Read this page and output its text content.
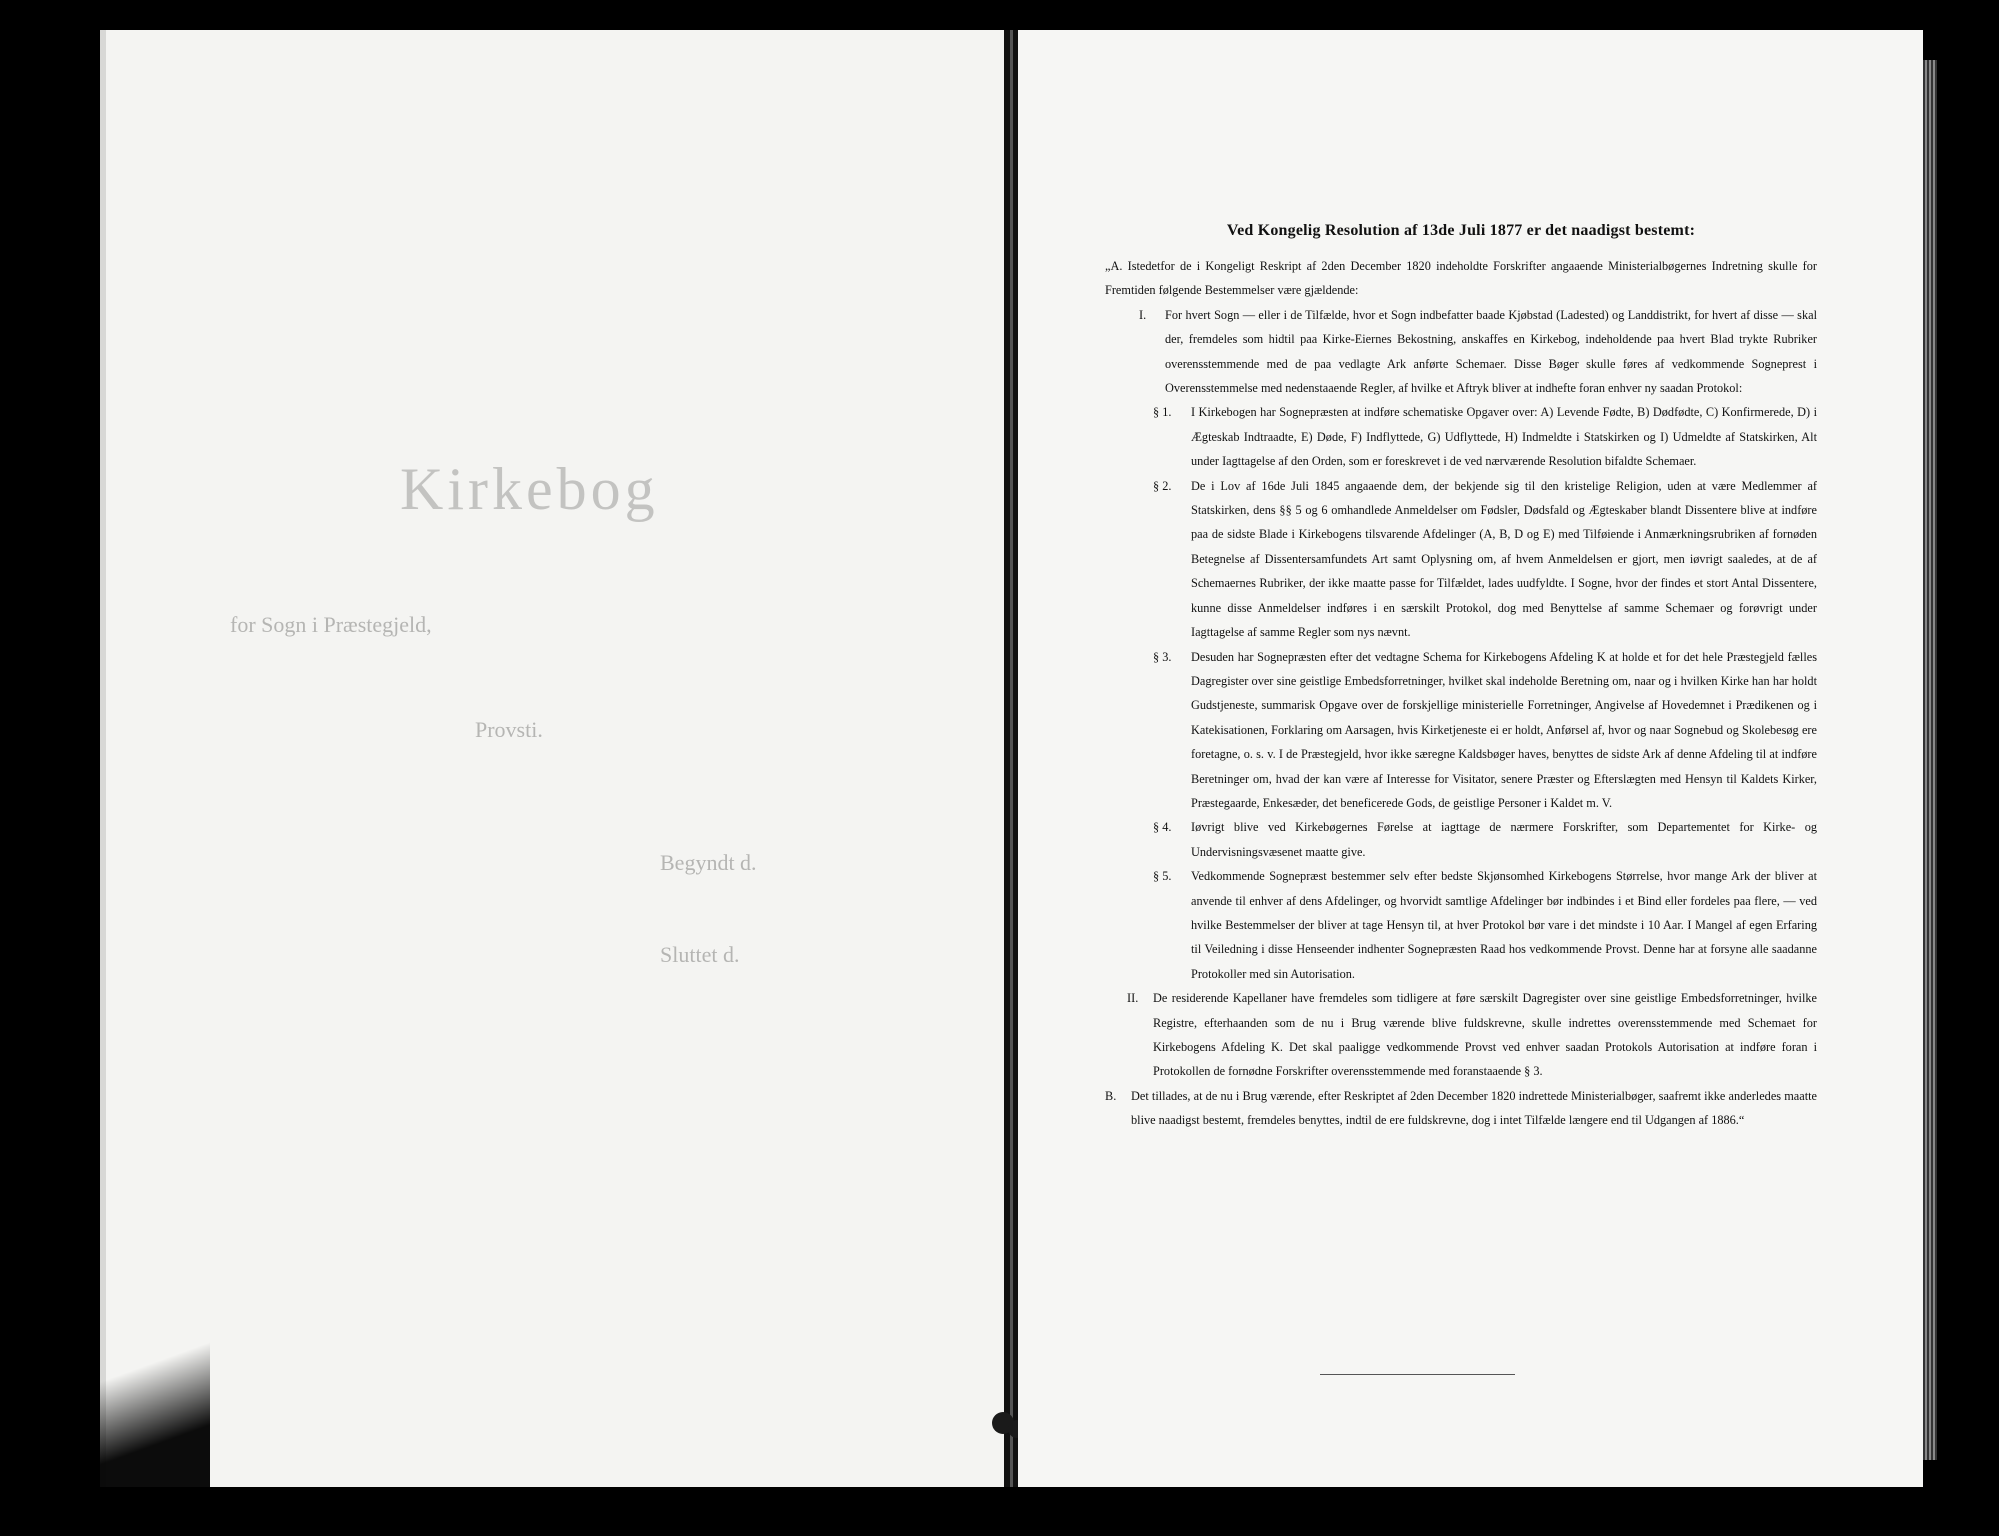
Kirkebog
for Sogn i Præstegjeld,
Provsti.
Begyndt d.
Sluttet d.
Ved Kongelig Resolution af 13de Juli 1877 er det naadigst bestemt:

„A. Istedetfor de i Kongeligt Reskript af 2den December 1820 indeholdte Forskrifter angaaende Ministerialbøgernes Indretning skulle for Fremtiden følgende Bestemmelser være gjældende:

I.	For hvert Sogn — eller i de Tilfælde, hvor et Sogn indbefatter baade Kjøbstad (Ladested) og Landdistrikt, for hvert af disse — skal der, fremdeles som hidtil paa Kirke-Eiernes Bekostning, anskaffes en Kirkebog, indeholdende paa hvert Blad trykte Rubriker overensstemmende med de paa vedlagte Ark anførte Schemaer. Disse Bøger skulle føres af vedkommende Sogneprest i Overensstemmelse med nedenstaaende Regler, af hvilke et Aftryk bliver at indhefte foran enhver ny saadan Protokol:

§ 1.	I Kirkebogen har Sognepræsten at indføre schematiske Opgaver over: A) Levende Fødte, B) Dødfødte, C) Konfirmerede, D) i Ægteskab Indtraadte, E) Døde, F) Indflyttede, G) Udflyttede, H) Indmeldte i Statskirken og I) Udmeldte af Statskirken, Alt under Iagttagelse af den Orden, som er foreskrevet i de ved nærværende Resolution bifaldte Schemaer.

§ 2.	De i Lov af 16de Juli 1845 angaaende dem, der bekjende sig til den kristelige Religion, uden at være Medlemmer af Statskirken, dens §§ 5 og 6 omhandlede Anmeldelser om Fødsler, Dødsfald og Ægteskaber blandt Dissentere blive at indføre paa de sidste Blade i Kirkebogens tilsvarende Afdelinger (A, B, D og E) med Tilføiende i Anmærkningsrubriken af fornøden Betegnelse af Dissentersamfundets Art samt Oplysning om, af hvem Anmeldelsen er gjort, men iøvrigt saaledes, at de af Schemaernes Rubriker, der ikke maatte passe for Tilfældet, lades uudfyldte. I Sogne, hvor der findes et stort Antal Dissentere, kunne disse Anmeldelser indføres i en særskilt Protokol, dog med Benyttelse af samme Schemaer og forøvrigt under Iagttagelse af samme Regler som nys nævnt.

§ 3.	Desuden har Sognepræsten efter det vedtagne Schema for Kirkebogens Afdeling K at holde et for det hele Præstegjeld fælles Dagregister over sine geistlige Embedsforretninger, hvilket skal indeholde Beretning om, naar og i hvilken Kirke han har holdt Gudstjeneste, summarisk Opgave over de forskjellige ministerielle Forretninger, Angivelse af Hovedemnet i Prædikenen og i Katekisationen, Forklaring om Aarsagen, hvis Kirketjeneste ei er holdt, Anførsel af, hvor og naar Sognebud og Skolebesøg ere foretagne, o. s. v. I de Præstegjeld, hvor ikke særegne Kaldsbøger haves, benyttes de sidste Ark af denne Afdeling til at indføre Beretninger om, hvad der kan være af Interesse for Visitator, senere Præster og Efterslægten med Hensyn til Kaldets Kirker, Præstegaarde, Enkesæder, det beneficerede Gods, de geistlige Personer i Kaldet m. V.

§ 4.	Iøvrigt blive ved Kirkebøgernes Førelse at iagttage de nærmere Forskrifter, som Departementet for Kirke- og Undervisningsvæsenet maatte give.

§ 5.	Vedkommende Sognepræst bestemmer selv efter bedste Skjønsomhed Kirkebogens Størrelse, hvor mange Ark der bliver at anvende til enhver af dens Afdelinger, og hvorvidt samtlige Afdelinger bør indbindes i et Bind eller fordeles paa flere, — ved hvilke Bestemmelser der bliver at tage Hensyn til, at hver Protokol bør vare i det mindste i 10 Aar. I Mangel af egen Erfaring til Veiledning i disse Henseender indhenter Sognepræsten Raad hos vedkommende Provst. Denne har at forsyne alle saadanne Protokoller med sin Autorisation.

II.	De residerende Kapellaner have fremdeles som tidligere at føre særskilt Dagregister over sine geistlige Embedsforretninger, hvilke Registre, efterhaanden som de nu i Brug værende blive fuldskrevne, skulle indrettes overensstemmende med Schemaet for Kirkebogens Afdeling K. Det skal paaligge vedkommende Provst ved enhver saadan Protokols Autorisation at indføre foran i Protokollen de fornødne Forskrifter overensstemmende med foranstaaende § 3.

B.	Det tillades, at de nu i Brug værende, efter Reskriptet af 2den December 1820 indrettede Ministerialbøger, saafremt ikke anderledes maatte blive naadigst bestemt, fremdeles benyttes, indtil de ere fuldskrevne, dog i intet Tilfælde længere end til Udgangen af 1886.“
